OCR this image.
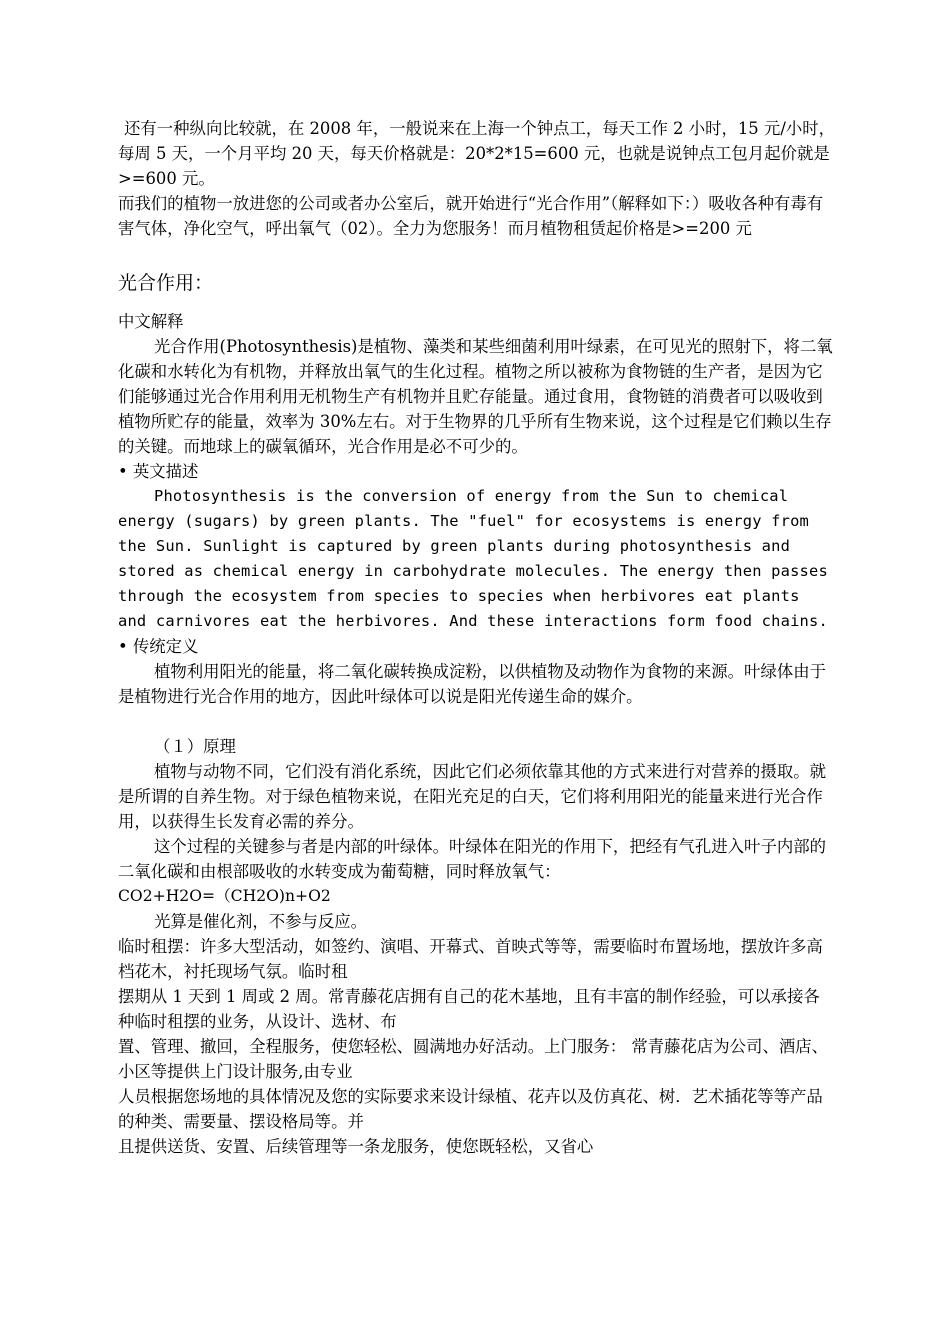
还有一种纵向比较就，在 2008 年，一般说来在上海一个钟点工，每天工作 2 小时，15 元/小时，每周 5 天，一个月平均 20 天，每天价格就是：20*2*15=600 元，也就是说钟点工包月起价就是>=600 元。

而我们的植物一放进您的公司或者办公室后，就开始进行“光合作用”（解释如下：）吸收各种有毒有害气体，净化空气，呼出氧气（02）。全力为您服务！而月植物租赁起价格是>=200 元

光合作用：

中文解释

光合作用(Photosynthesis)是植物、藻类和某些细菌利用叶绿素，在可见光的照射下，将二氧化碳和水转化为有机物，并释放出氧气的生化过程。植物之所以被称为食物链的生产者，是因为它们能够通过光合作用利用无机物生产有机物并且贮存能量。通过食用，食物链的消费者可以吸收到植物所贮存的能量，效率为 30%左右。对于生物界的几乎所有生物来说，这个过程是它们赖以生存的关键。而地球上的碳氧循环，光合作用是必不可少的。

• 英文描述

Photosynthesis is the conversion of energy from the Sun to chemical energy (sugars) by green plants. The "fuel" for ecosystems is energy from the Sun. Sunlight is captured by green plants during photosynthesis and stored as chemical energy in carbohydrate molecules. The energy then passes through the ecosystem from species to species when herbivores eat plants and carnivores eat the herbivores. And these interactions form food chains.

• 传统定义

植物利用阳光的能量，将二氧化碳转换成淀粉，以供植物及动物作为食物的来源。叶绿体由于是植物进行光合作用的地方，因此叶绿体可以说是阳光传递生命的媒介。

（１）原理

植物与动物不同，它们没有消化系统，因此它们必须依靠其他的方式来进行对营养的摄取。就是所谓的自养生物。对于绿色植物来说，在阳光充足的白天，它们将利用阳光的能量来进行光合作用，以获得生长发育必需的养分。

这个过程的关键参与者是内部的叶绿体。叶绿体在阳光的作用下，把经有气孔进入叶子内部的二氧化碳和由根部吸收的水转变成为葡萄糖，同时释放氧气：

CO2+H2O=（CH2O)n+O2

光算是催化剂，不参与反应。

临时租摆：许多大型活动，如签约、演唱、开幕式、首映式等等，需要临时布置场地，摆放许多高档花木，衬托现场气氛。临时租

摆期从 1 天到 1 周或 2 周。常青藤花店拥有自己的花木基地，且有丰富的制作经验，可以承接各种临时租摆的业务，从设计、选材、布

置、管理、撤回，全程服务，使您轻松、圆满地办好活动。上门服务： 常青藤花店为公司、酒店、小区等提供上门设计服务,由专业

人员根据您场地的具体情况及您的实际要求来设计绿植、花卉以及仿真花、树．艺术插花等等产品的种类、需要量、摆设格局等。并

且提供送货、安置、后续管理等一条龙服务，使您既轻松，又省心
